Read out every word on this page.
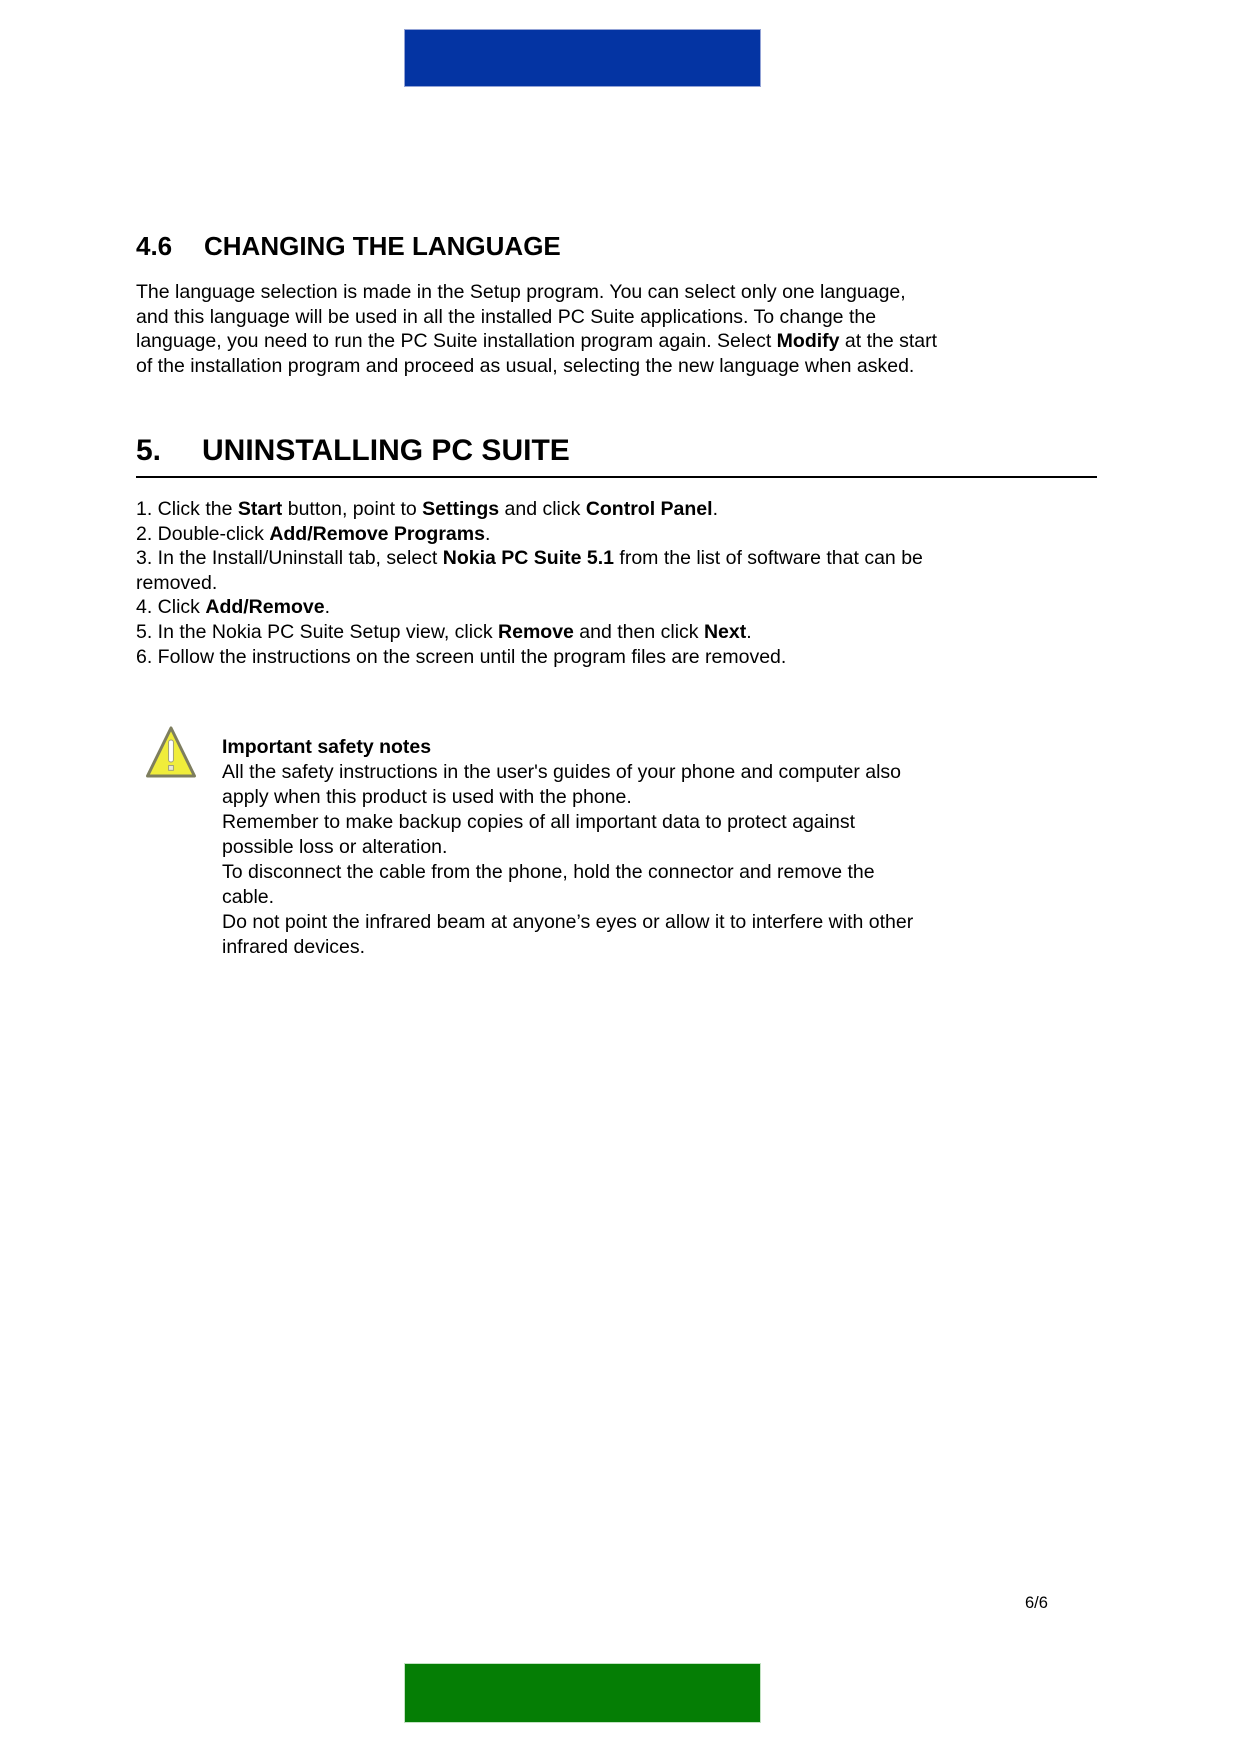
4.6 CHANGING THE LANGUAGE
The language selection is made in the Setup program. You can select only one language,
and this language will be used in all the installed PC Suite applications. To change the
language, you need to run the PC Suite installation program again. Select Modify at the start
of the installation program and proceed as usual, selecting the new language when asked.
5. UNINSTALLING PC SUITE
1. Click the Start button, point to Settings and click Control Panel.
2. Double-click Add/Remove Programs.
3. In the Install/Uninstall tab, select Nokia PC Suite 5.1 from the list of software that can be
removed.
4. Click Add/Remove.
5. In the Nokia PC Suite Setup view, click Remove and then click Next.
6. Follow the instructions on the screen until the program files are removed.
Important safety notes
All the safety instructions in the user's guides of your phone and computer also
apply when this product is used with the phone.
Remember to make backup copies of all important data to protect against
possible loss or alteration.
To disconnect the cable from the phone, hold the connector and remove the
cable.
Do not point the infrared beam at anyone’s eyes or allow it to interfere with other
infrared devices.
6/6
